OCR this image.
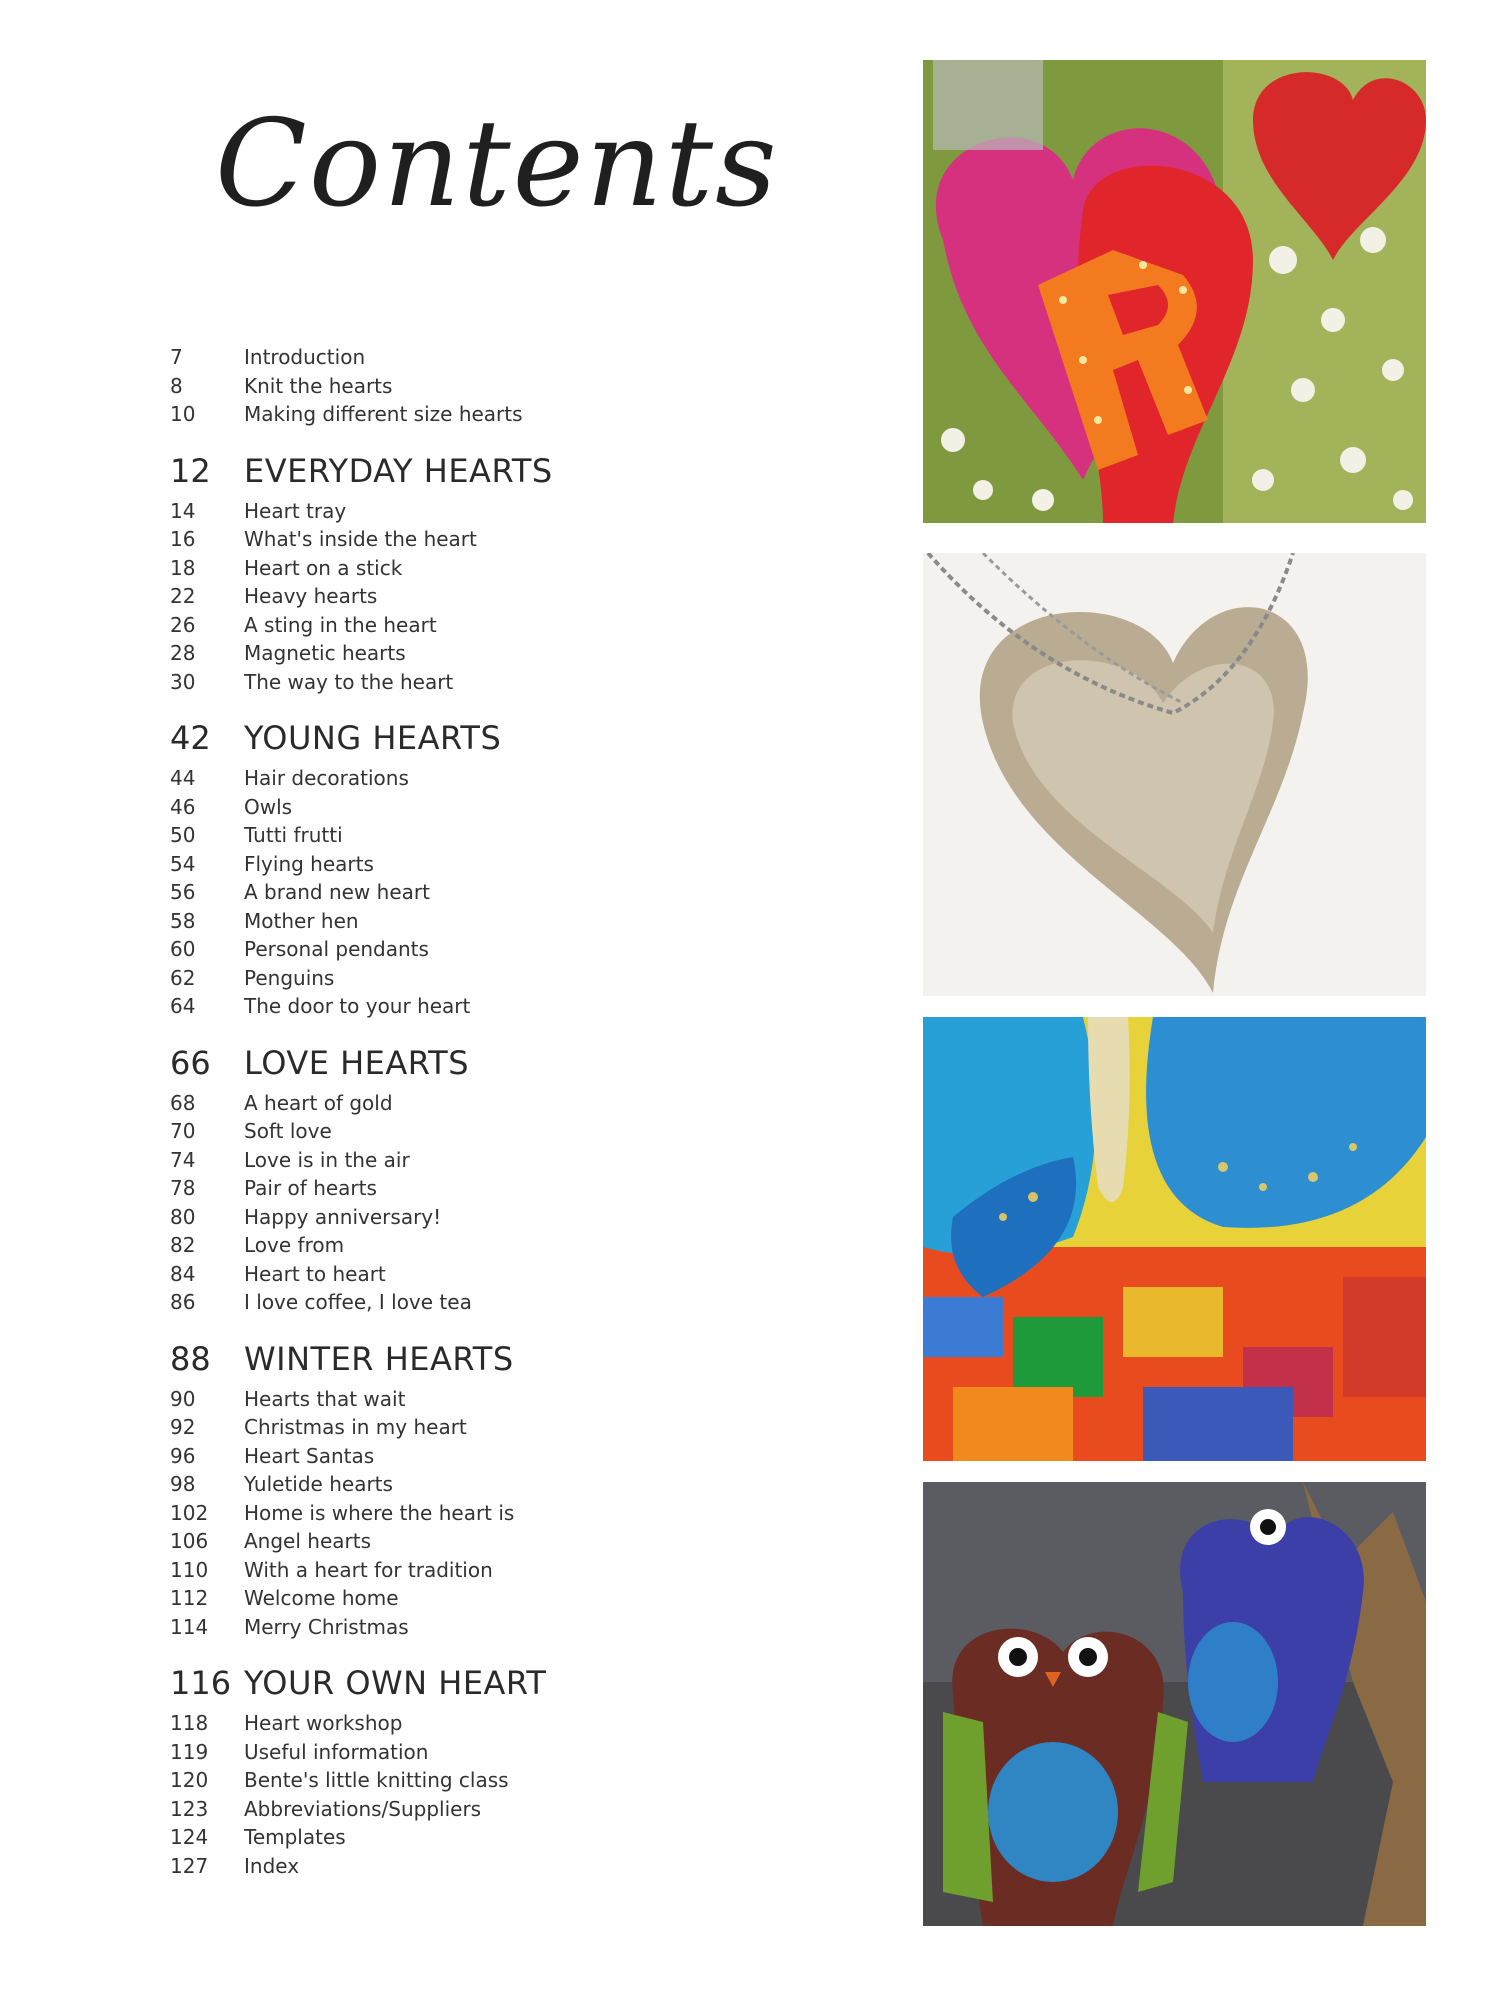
Contents
7	Introduction
8	Knit the hearts
10	Making different size hearts
12	EVERYDAY HEARTS
14	Heart tray
16	What's inside the heart
18	Heart on a stick
22	Heavy hearts
26	A sting in the heart
28	Magnetic hearts
30	The way to the heart
42	YOUNG HEARTS
44	Hair decorations
46	Owls
50	Tutti frutti
54	Flying hearts
56	A brand new heart
58	Mother hen
60	Personal pendants
62	Penguins
64	The door to your heart
66	LOVE HEARTS
68	A heart of gold
70	Soft love
74	Love is in the air
78	Pair of hearts
80	Happy anniversary!
82	Love from
84	Heart to heart
86	I love coffee, I love tea
88	WINTER HEARTS
90	Hearts that wait
92	Christmas in my heart
96	Heart Santas
98	Yuletide hearts
102	Home is where the heart is
106	Angel hearts
110	With a heart for tradition
112	Welcome home
114	Merry Christmas
116 YOUR OWN HEART
118	Heart workshop
119	Useful information
120	Bente's little knitting class
123	Abbreviations/Suppliers
124	Templates
127	Index
